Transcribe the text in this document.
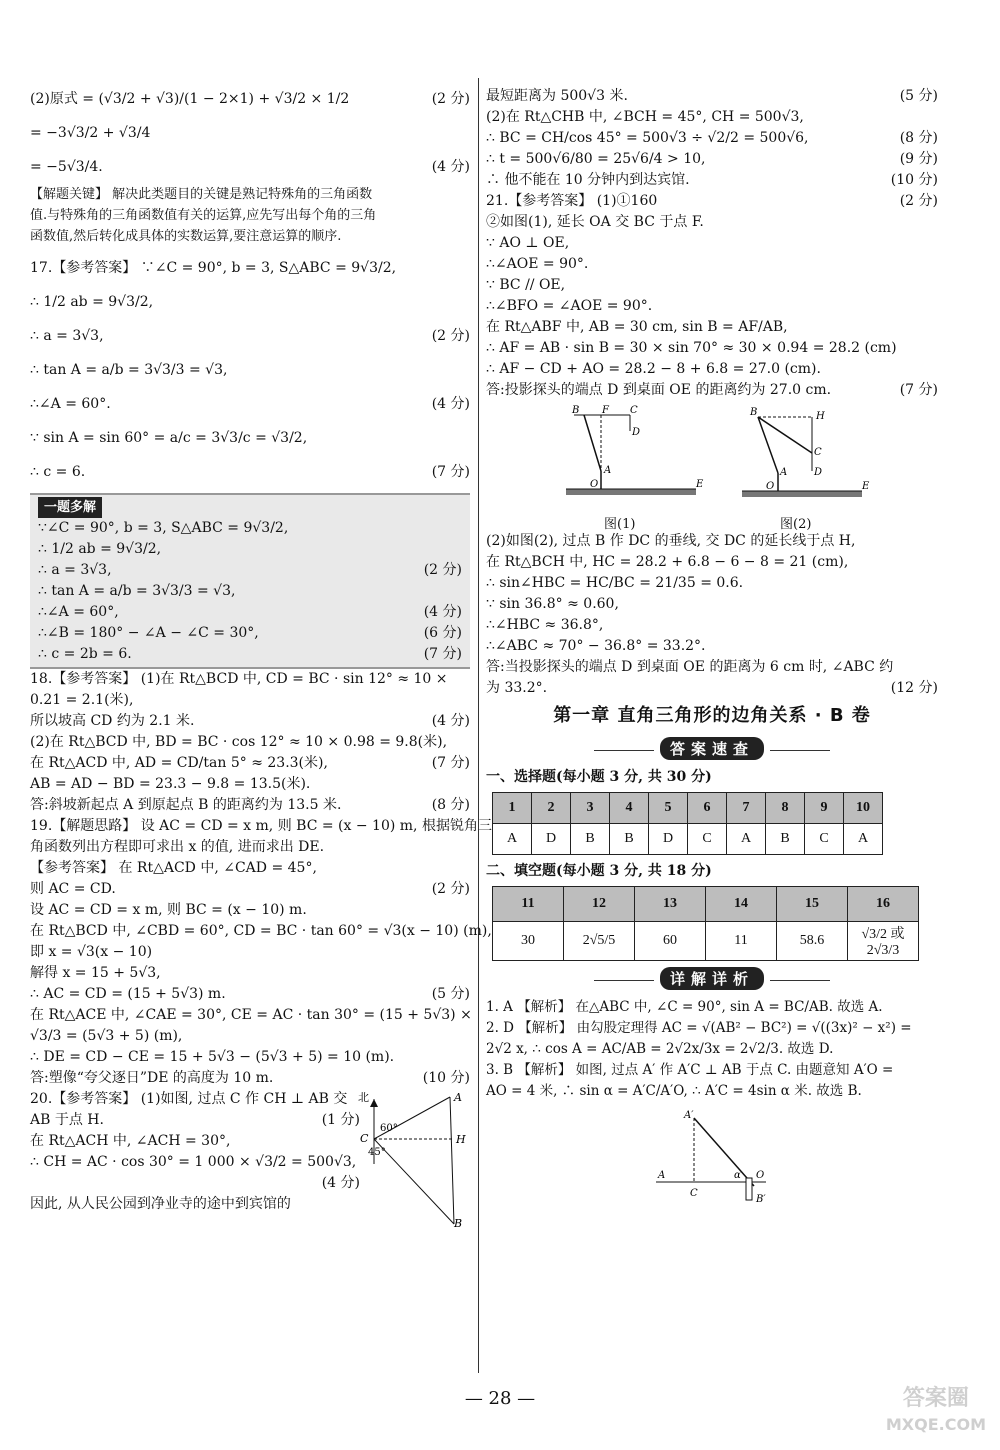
(2)原式 = (√3/2 + √3)/(1 − 2×1) + √3/2 × 1/2	(2 分)
= −3√3/2 + √3/4
= −5√3/4.	(4 分)
【解题关键】 解决此类题目的关键是熟记特殊角的三角函数
值.与特殊角的三角函数值有关的运算,应先写出每个角的三角
函数值,然后转化成具体的实数运算,要注意运算的顺序.
17.【参考答案】 ∵∠C = 90°, b = 3, S△ABC = 9√3/2,
∴ 1/2 ab = 9√3/2,
∴ a = 3√3,	(2 分)
∴ tan A = a/b = 3√3/3 = √3,
∴∠A = 60°.	(4 分)
∵ sin A = sin 60° = a/c = 3√3/c = √3/2,
∴ c = 6.	(7 分)
一题多解
∵∠C = 90°, b = 3, S△ABC = 9√3/2,
∴ 1/2 ab = 9√3/2,
∴ a = 3√3,	(2 分)
∴ tan A = a/b = 3√3/3 = √3,
∴∠A = 60°,	(4 分)
∴∠B = 180° − ∠A − ∠C = 30°,	(6 分)
∴ c = 2b = 6.	(7 分)
18.【参考答案】 (1)在 Rt△BCD 中, CD = BC · sin 12° ≈ 10 ×
0.21 = 2.1(米),
所以坡高 CD 约为 2.1 米.	(4 分)
(2)在 Rt△BCD 中, BD = BC · cos 12° ≈ 10 × 0.98 = 9.8(米),
在 Rt△ACD 中, AD = CD/tan 5° ≈ 23.3(米),	(7 分)
AB = AD − BD = 23.3 − 9.8 = 13.5(米).
答:斜坡新起点 A 到原起点 B 的距离约为 13.5 米.	(8 分)
19.【解题思路】 设 AC = CD = x m, 则 BC = (x − 10) m, 根据锐角三
角函数列出方程即可求出 x 的值, 进而求出 DE.
【参考答案】 在 Rt△ACD 中, ∠CAD = 45°,
则 AC = CD.	(2 分)
设 AC = CD = x m, 则 BC = (x − 10) m.
在 Rt△BCD 中, ∠CBD = 60°, CD = BC · tan 60° = √3(x − 10) (m),
即 x = √3(x − 10)
解得 x = 15 + 5√3,
∴ AC = CD = (15 + 5√3) m.	(5 分)
在 Rt△ACE 中, ∠CAE = 30°, CE = AC · tan 30° = (15 + 5√3) ×
√3/3 = (5√3 + 5) (m),
∴ DE = CD − CE = 15 + 5√3 − (5√3 + 5) = 10 (m).
答:塑像“夸父逐日”DE 的高度为 10 m.	(10 分)
20.【参考答案】 (1)如图, 过点 C 作 CH ⊥ AB 交
AB 于点 H.	(1 分)
在 Rt△ACH 中, ∠ACH = 30°,
∴ CH = AC · cos 30° = 1 000 × √3/2 = 500√3,
(4 分)
因此, 从人民公园到净业寺的途中到宾馆的
北
60°
45°
A
C	H
B
最短距离为 500√3 米.	(5 分)
(2)在 Rt△CHB 中, ∠BCH = 45°, CH = 500√3,
∴ BC = CH/cos 45° = 500√3 ÷ √2/2 = 500√6,	(8 分)
∴ t = 500√6/80 = 25√6/4 > 10,	(9 分)
∴ 他不能在 10 分钟内到达宾馆.	(10 分)
21.【参考答案】 (1)①160	(2 分)
②如图(1), 延长 OA 交 BC 于点 F.
∵ AO ⊥ OE,
∴∠AOE = 90°.
∵ BC // OE,
∴∠BFO = ∠AOE = 90°.
在 Rt△ABF 中, AB = 30 cm, sin B = AF/AB,
∴ AF = AB · sin B = 30 × sin 70° ≈ 30 × 0.94 = 28.2 (cm)
∴ AF − CD + AO = 28.2 − 8 + 6.8 = 27.0 (cm).
答:投影探头的端点 D 到桌面 OE 的距离约为 27.0 cm.	(7 分)
B F C
D
A
O	E
B	H
C
D
A
O	E
图(1)	图(2)
(2)如图(2), 过点 B 作 DC 的垂线, 交 DC 的延长线于点 H,
在 Rt△BCH 中, HC = 28.2 + 6.8 − 6 − 8 = 21 (cm),
∴ sin∠HBC = HC/BC = 21/35 = 0.6.
∵ sin 36.8° ≈ 0.60,
∴∠HBC ≈ 36.8°,
∴∠ABC ≈ 70° − 36.8° = 33.2°.
答:当投影探头的端点 D 到桌面 OE 的距离为 6 cm 时, ∠ABC 约
为 33.2°.	(12 分)
第一章 直角三角形的边角关系 · B 卷
答案速查
一、选择题(每小题 3 分, 共 30 分)
1	2	3	4	5	6	7	8	9	10
A	D	B	B	D	C	A	B	C	A
二、填空题(每小题 3 分, 共 18 分)
11	12	13	14	15	16
30	2√5/5	60	11	58.6	√3/2 或 2√3/3
详解详析
1. A 【解析】 在△ABC 中, ∠C = 90°, sin A = BC/AB. 故选 A.
2. D 【解析】 由勾股定理得 AC = √(AB² − BC²) = √((3x)² − x²) =
2√2 x, ∴ cos A = AC/AB = 2√2x/3x = 2√2/3. 故选 D.
3. B 【解析】 如图, 过点 A′ 作 A′C ⊥ AB 于点 C. 由题意知 A′O =
AO = 4 米, ∴ sin α = A′C/A′O, ∴ A′C = 4sin α 米. 故选 B.
A′
A
C
α O
B′
— 28 —	答案圈
MXQE.COM
